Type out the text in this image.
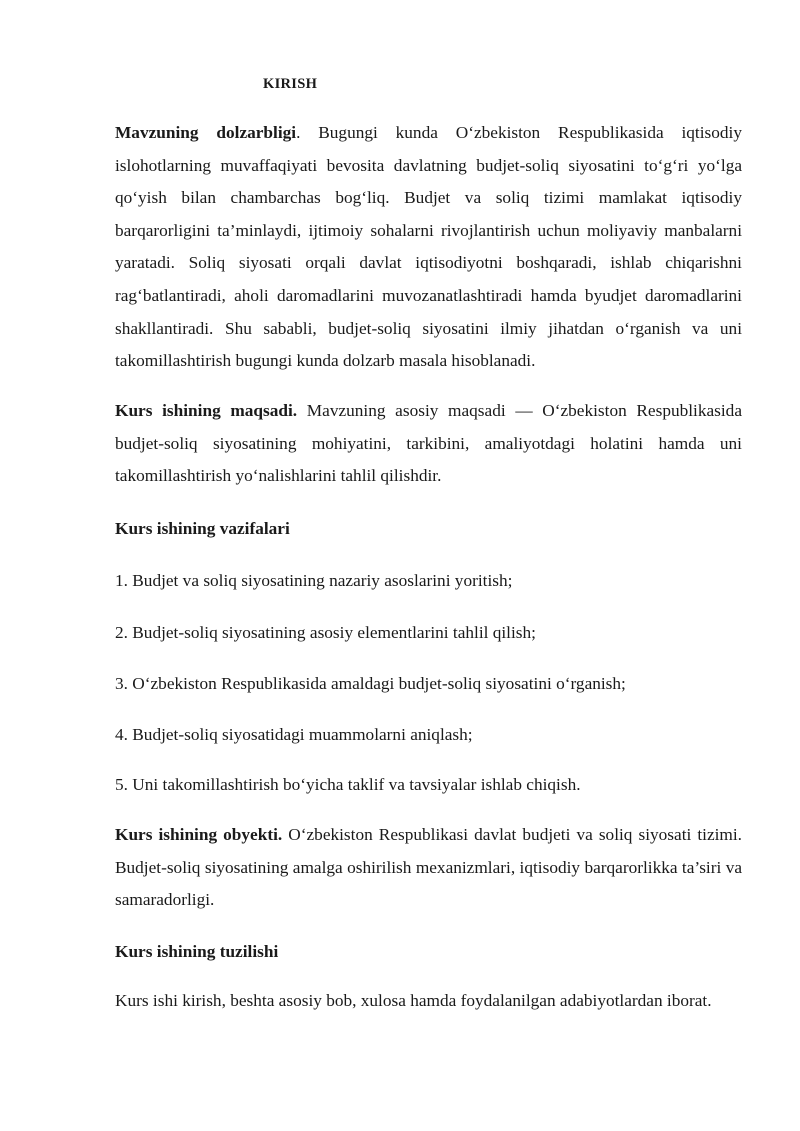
KIRISH
Mavzuning dolzarbligi. Bugungi kunda O‘zbekiston Respublikasida iqtisodiy islohotlarning muvaffaqiyati bevosita davlatning budjet-soliq siyosatini to‘g‘ri yo‘lga qo‘yish bilan chambarchas bog‘liq. Budjet va soliq tizimi mamlakat iqtisodiy barqarorligini ta’minlaydi, ijtimoiy sohalarni rivojlantirish uchun moliyaviy manbalarni yaratadi. Soliq siyosati orqali davlat iqtisodiyotni boshqaradi, ishlab chiqarishni rag‘batlantiradi, aholi daromadlarini muvozanatlashtiradi hamda byudjet daromadlarini shakllantiradi. Shu sababli, budjet-soliq siyosatini ilmiy jihatdan o‘rganish va uni takomillashtirish bugungi kunda dolzarb masala hisoblanadi.
Kurs ishining maqsadi. Mavzuning asosiy maqsadi — O‘zbekiston Respublikasida budjet-soliq siyosatining mohiyatini, tarkibini, amaliyotdagi holatini hamda uni takomillashtirish yo‘nalishlarini tahlil qilishdir.
Kurs ishining vazifalari
1. Budjet va soliq siyosatining nazariy asoslarini yoritish;
2. Budjet-soliq siyosatining asosiy elementlarini tahlil qilish;
3. O‘zbekiston Respublikasida amaldagi budjet-soliq siyosatini o‘rganish;
4. Budjet-soliq siyosatidagi muammolarni aniqlash;
5. Uni takomillashtirish bo‘yicha taklif va tavsiyalar ishlab chiqish.
Kurs ishining obyekti. O‘zbekiston Respublikasi davlat budjeti va soliq siyosati tizimi. Budjet-soliq siyosatining amalga oshirilish mexanizmlari, iqtisodiy barqarorlikka ta’siri va samaradorligi.
Kurs ishining tuzilishi
Kurs ishi kirish, beshta asosiy bob, xulosa hamda foydalanilgan adabiyotlardan iborat.
